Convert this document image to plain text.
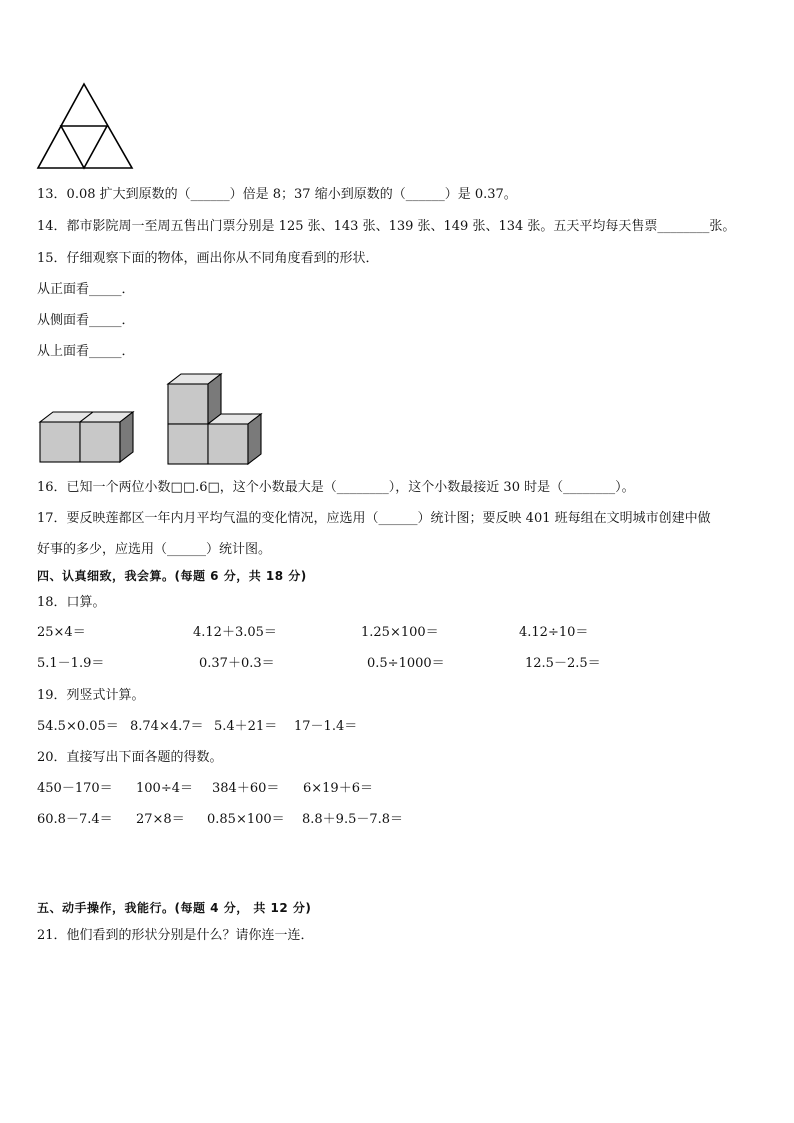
13．0.08 扩大到原数的（______）倍是 8；37 缩小到原数的（______）是 0.37。
14．都市影院周一至周五售出门票分别是 125 张、143 张、139 张、149 张、134 张。五天平均每天售票________张。
15．仔细观察下面的物体，画出你从不同角度看到的形状．
从正面看_____．
从侧面看_____．
从上面看_____．
16．已知一个两位小数□□.6□，这个小数最大是（________），这个小数最接近 30 时是（________）。
17．要反映莲都区一年内月平均气温的变化情况，应选用（______）统计图；要反映 401 班每组在文明城市创建中做
好事的多少，应选用（______）统计图。
四、认真细致，我会算。(每题 6 分，共 18 分)
18．口算。
25×4＝	4.12＋3.05＝	1.25×100＝	4.12÷10＝
5.1－1.9＝	0.37＋0.3＝	0.5÷1000＝	12.5－2.5＝
19．列竖式计算。
54.5×0.05＝ 8.74×4.7＝ 5.4＋21＝ 17－1.4＝
20．直接写出下面各题的得数。
450－170＝ 100÷4＝ 384＋60＝ 6×19＋6＝
60.8－7.4＝ 27×8＝ 0.85×100＝ 8.8＋9.5－7.8＝
五、动手操作，我能行。(每题 4 分， 共 12 分)
21．他们看到的形状分别是什么？请你连一连．
